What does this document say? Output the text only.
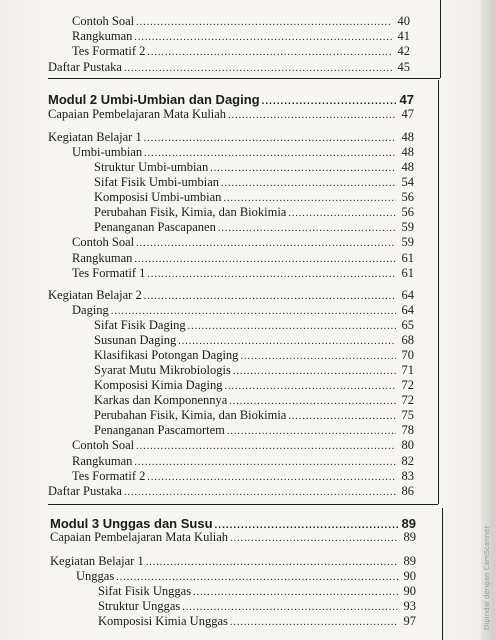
Contoh Soal .....	40
Rangkuman .....	41
Tes Formatif 2 .....	42
Daftar Pustaka .....	45
Modul 2 Umbi-Umbian dan Daging .....	47
Capaian Pembelajaran Mata Kuliah .....	47
Kegiatan Belajar 1 .....	48
Umbi-umbian .....	48
Struktur Umbi-umbian .....	48
Sifat Fisik Umbi-umbian .....	54
Komposisi Umbi-umbian .....	56
Perubahan Fisik, Kimia, dan Biokimia .....	56
Penanganan Pascapanen .....	59
Contoh Soal .....	59
Rangkuman .....	61
Tes Formatif 1 .....	61
Kegiatan Belajar 2 .....	64
Daging .....	64
Sifat Fisik Daging .....	65
Susunan Daging .....	68
Klasifikasi Potongan Daging .....	70
Syarat Mutu Mikrobiologis .....	71
Komposisi Kimia Daging .....	72
Karkas dan Komponennya .....	72
Perubahan Fisik, Kimia, dan Biokimia .....	75
Penanganan Pascamortem .....	78
Contoh Soal .....	80
Rangkuman .....	82
Tes Formatif 2 .....	83
Daftar Pustaka .....	86
Modul 3 Unggas dan Susu .....	89
Capaian Pembelajaran Mata Kuliah .....	89
Kegiatan Belajar 1 .....	89
Unggas .....	90
Sifat Fisik Unggas .....	90
Struktur Unggas .....	93
Komposisi Kimia Unggas .....	97	Dipindai dengan CamScanner
